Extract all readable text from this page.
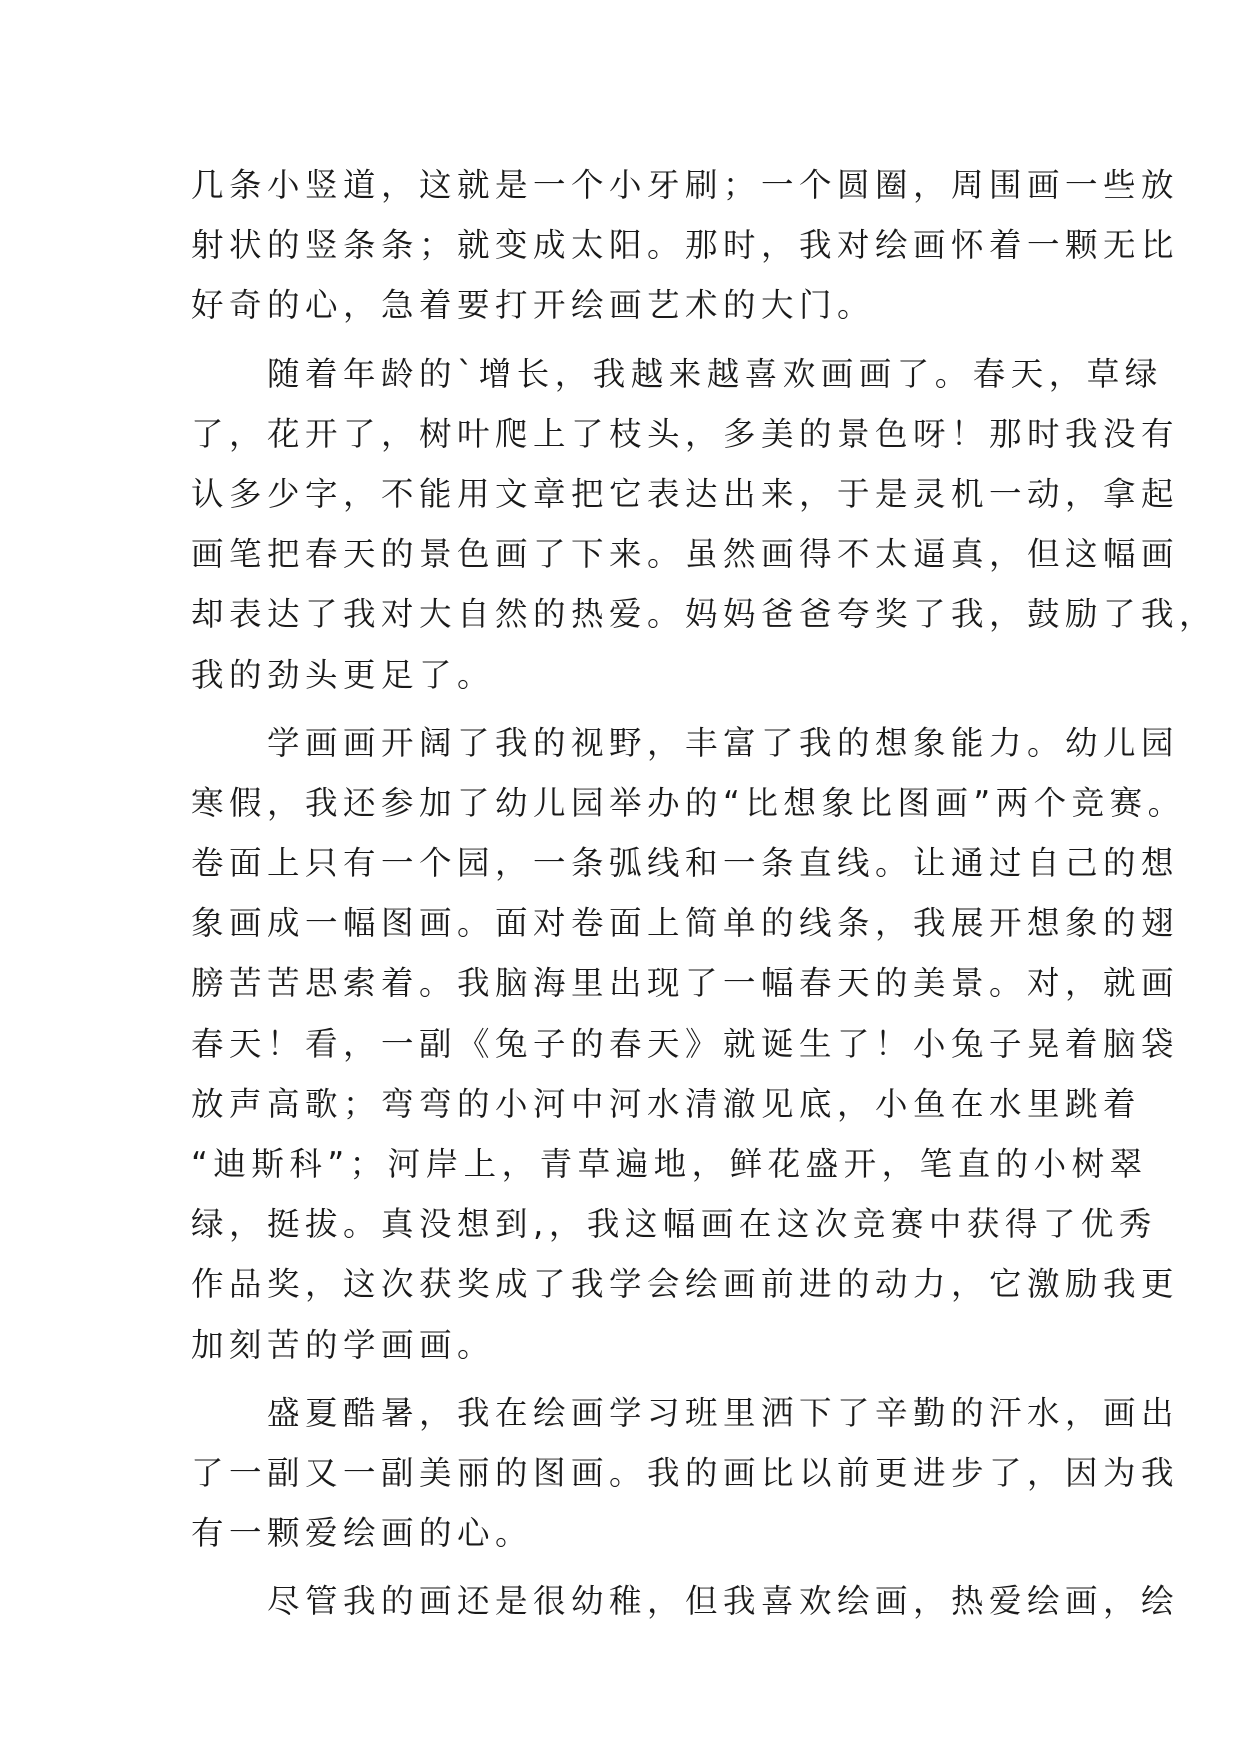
几条小竖道，这就是一个小牙刷；一个圆圈，周围画一些放
射状的竖条条；就变成太阳。那时，我对绘画怀着一颗无比
好奇的心，急着要打开绘画艺术的大门。
　　随着年龄的`增长，我越来越喜欢画画了。春天，草绿
了，花开了，树叶爬上了枝头，多美的景色呀！那时我没有
认多少字，不能用文章把它表达出来，于是灵机一动，拿起
画笔把春天的景色画了下来。虽然画得不太逼真，但这幅画
却表达了我对大自然的热爱。妈妈爸爸夸奖了我，鼓励了我，
我的劲头更足了。
　　学画画开阔了我的视野，丰富了我的想象能力。幼儿园
寒假，我还参加了幼儿园举办的“比想象比图画”两个竞赛。
卷面上只有一个园，一条弧线和一条直线。让通过自己的想
象画成一幅图画。面对卷面上简单的线条，我展开想象的翅
膀苦苦思索着。我脑海里出现了一幅春天的美景。对，就画
春天！看，一副《兔子的春天》就诞生了！小兔子晃着脑袋
放声高歌；弯弯的小河中河水清澈见底，小鱼在水里跳着
“迪斯科”；河岸上，青草遍地，鲜花盛开，笔直的小树翠
绿，挺拔。真没想到,，我这幅画在这次竞赛中获得了优秀
作品奖，这次获奖成了我学会绘画前进的动力，它激励我更
加刻苦的学画画。
　　盛夏酷暑，我在绘画学习班里洒下了辛勤的汗水，画出
了一副又一副美丽的图画。我的画比以前更进步了，因为我
有一颗爱绘画的心。
　　尽管我的画还是很幼稚，但我喜欢绘画，热爱绘画，绘
